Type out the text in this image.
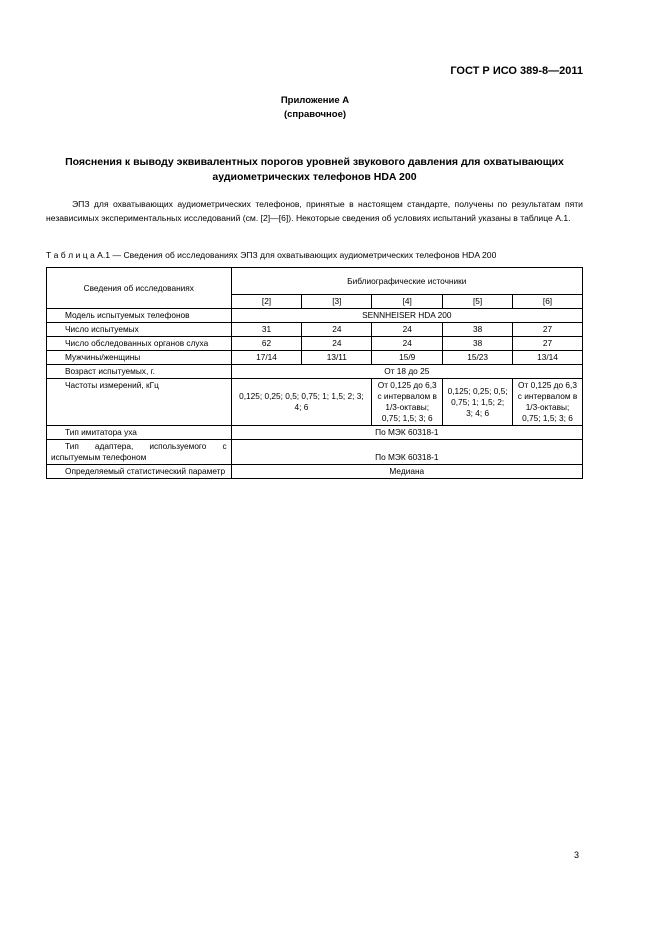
ГОСТ Р ИСО 389-8—2011
Приложение А
(справочное)
Пояснения к выводу эквивалентных порогов уровней звукового давления для охватывающих
аудиометрических телефонов HDA 200

ЭПЗ для охватывающих аудиометрических телефонов, принятые в настоящем стандарте, получены по результатам пяти независимых экспериментальных исследований (см. [2]—[6]). Некоторые сведения об условиях испытаний указаны в таблице А.1.

Т а б л и ц а А.1 — Сведения об исследованиях ЭПЗ для охватывающих аудиометрических телефонов HDA 200
Сведения об исследованиях	Библиографические источники				
	[2]	[3]	[4]	[5]	[6]
Модель испытуемых телефонов	SENNHEISER HDA 200				
Число испытуемых	31	24	24	38	27
Число обследованных органов слуха	62	24	24	38	27
Мужчины/женщины	17/14	13/11	15/9	15/23	13/14
Возраст испытуемых, г.	От 18 до 25				
Частоты измерений, кГц	0,125; 0,25; 0,5; 0,75; 1; 1,5; 2; 3; 4; 6		От 0,125 до 6,3 с интервалом в 1/3-октавы; 0,75; 1,5; 3; 6	0,125; 0,25; 0,5; 0,75; 1; 1,5; 2; 3; 4; 6	От 0,125 до 6,3 с интервалом в 1/3-октавы; 0,75; 1,5; 3; 6
Тип имитатора уха	По МЭК 60318-1				
Тип адаптера, используемого с испытуемым телефоном	По МЭК 60318-1				
Определяемый статистический параметр	Медиана				
3
